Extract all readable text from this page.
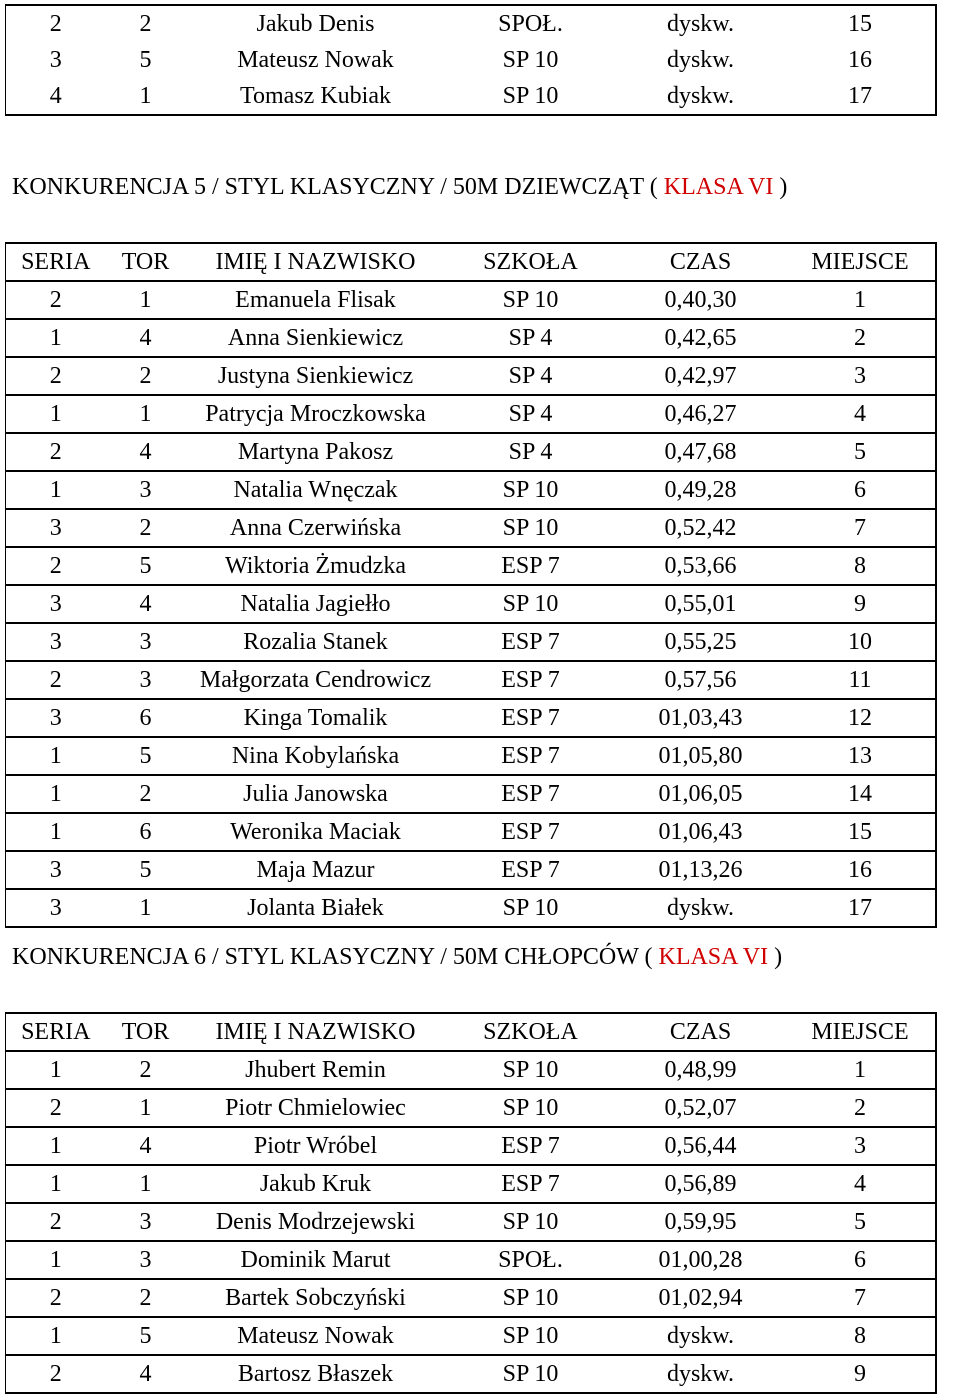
2	2	Jakub Denis	SPOŁ.	dyskw.	15
3	5	Mateusz Nowak	SP 10	dyskw.	16
4	1	Tomasz Kubiak	SP 10	dyskw.	17
KONKURENCJA 5 / STYL KLASYCZNY / 50M DZIEWCZĄT ( KLASA VI )
SERIA	TOR	IMIĘ I NAZWISKO	SZKOŁA	CZAS	MIEJSCE
2	1	Emanuela Flisak	SP 10	0,40,30	1
1	4	Anna Sienkiewicz	SP 4	0,42,65	2
2	2	Justyna Sienkiewicz	SP 4	0,42,97	3
1	1	Patrycja Mroczkowska	SP 4	0,46,27	4
2	4	Martyna Pakosz	SP 4	0,47,68	5
1	3	Natalia Wnęczak	SP 10	0,49,28	6
3	2	Anna Czerwińska	SP 10	0,52,42	7
2	5	Wiktoria Żmudzka	ESP 7	0,53,66	8
3	4	Natalia Jagiełło	SP 10	0,55,01	9
3	3	Rozalia Stanek	ESP 7	0,55,25	10
2	3	Małgorzata Cendrowicz	ESP 7	0,57,56	11
3	6	Kinga Tomalik	ESP 7	01,03,43	12
1	5	Nina Kobylańska	ESP 7	01,05,80	13
1	2	Julia Janowska	ESP 7	01,06,05	14
1	6	Weronika Maciak	ESP 7	01,06,43	15
3	5	Maja Mazur	ESP 7	01,13,26	16
3	1	Jolanta Białek	SP 10	dyskw.	17
KONKURENCJA 6 / STYL KLASYCZNY / 50M CHŁOPCÓW ( KLASA VI )
SERIA	TOR	IMIĘ I NAZWISKO	SZKOŁA	CZAS	MIEJSCE
1	2	Jhubert Remin	SP 10	0,48,99	1
2	1	Piotr Chmielowiec	SP 10	0,52,07	2
1	4	Piotr Wróbel	ESP 7	0,56,44	3
1	1	Jakub Kruk	ESP 7	0,56,89	4
2	3	Denis Modrzejewski	SP 10	0,59,95	5
1	3	Dominik Marut	SPOŁ.	01,00,28	6
2	2	Bartek Sobczyński	SP 10	01,02,94	7
1	5	Mateusz Nowak	SP 10	dyskw.	8
2	4	Bartosz Błaszek	SP 10	dyskw.	9
